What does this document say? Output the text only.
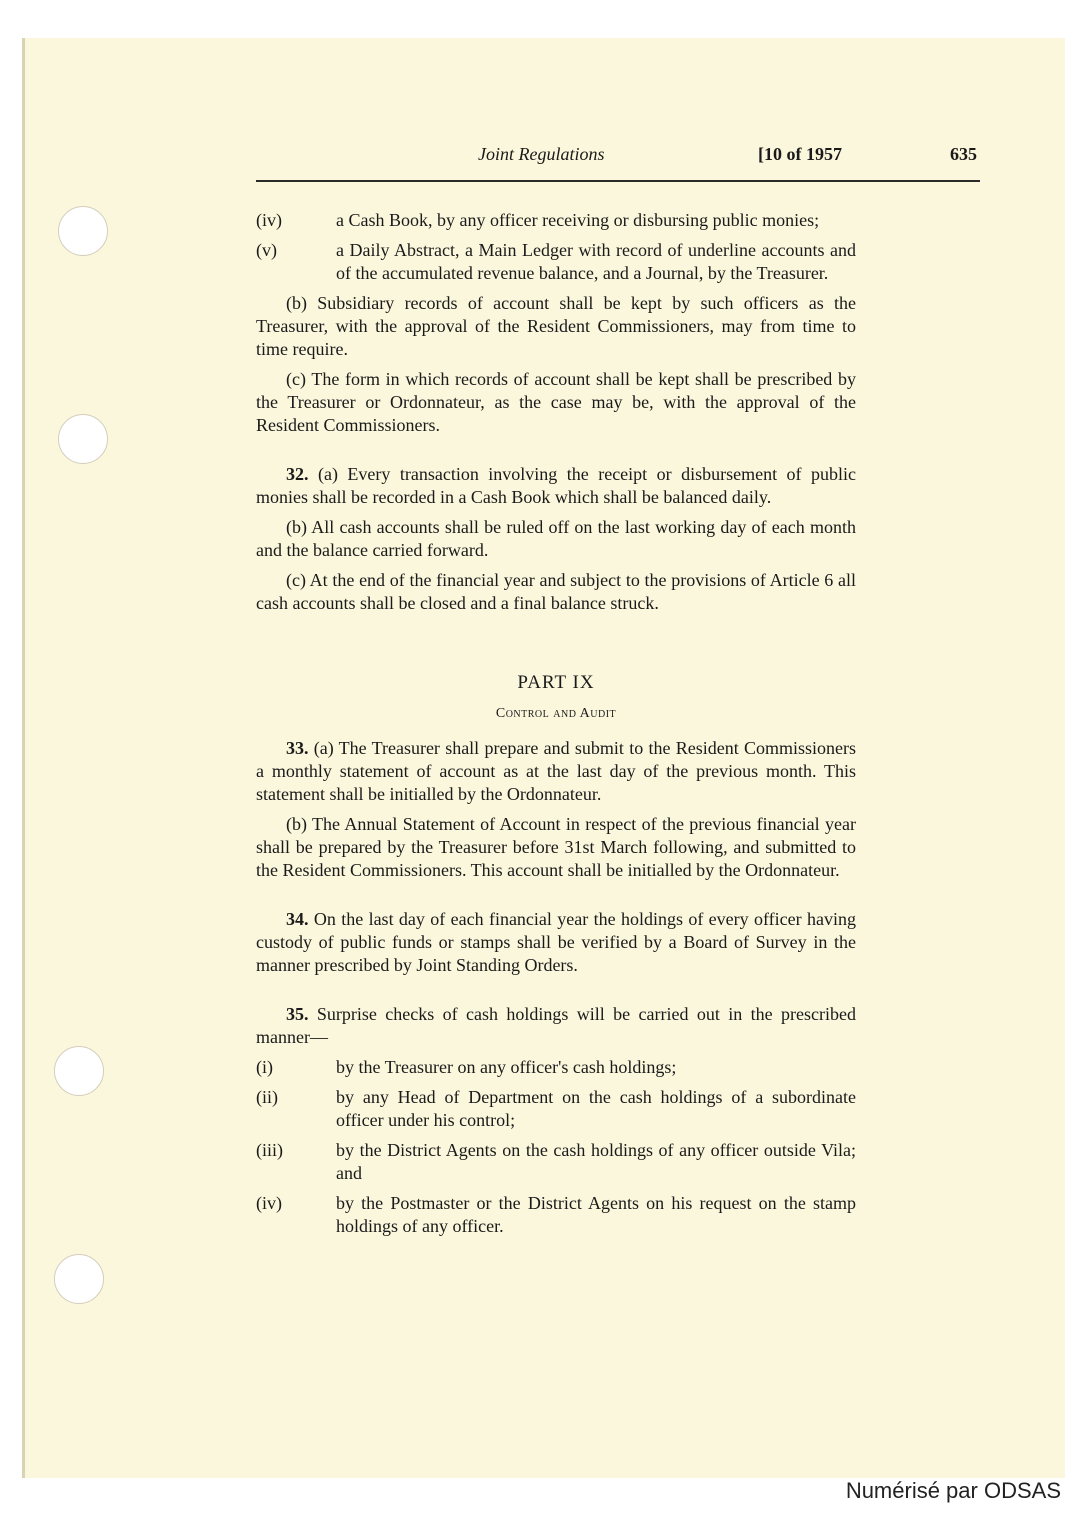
Joint Regulations	[10 of 1957	635

(iv)	a Cash Book, by any officer receiving or disbursing public monies;

(v)	a Daily Abstract, a Main Ledger with record of underline accounts and of the accumulated revenue balance, and a Journal, by the Treasurer.

(b) Subsidiary records of account shall be kept by such officers as the Treasurer, with the approval of the Resident Commissioners, may from time to time require.

(c) The form in which records of account shall be kept shall be prescribed by the Treasurer or Ordonnateur, as the case may be, with the approval of the Resident Commissioners.

32. (a) Every transaction involving the receipt or disbursement of public monies shall be recorded in a Cash Book which shall be balanced daily.

(b) All cash accounts shall be ruled off on the last working day of each month and the balance carried forward.

(c) At the end of the financial year and subject to the provisions of Article 6 all cash accounts shall be closed and a final balance struck.

PART IX

Control and Audit

33. (a) The Treasurer shall prepare and submit to the Resident Commissioners a monthly statement of account as at the last day of the previous month. This statement shall be initialled by the Ordonnateur.

(b) The Annual Statement of Account in respect of the previous financial year shall be prepared by the Treasurer before 31st March following, and submitted to the Resident Commissioners. This account shall be initialled by the Ordonnateur.

34. On the last day of each financial year the holdings of every officer having custody of public funds or stamps shall be verified by a Board of Survey in the manner prescribed by Joint Standing Orders.

35. Surprise checks of cash holdings will be carried out in the prescribed manner—

(i)	by the Treasurer on any officer's cash holdings;

(ii)	by any Head of Department on the cash holdings of a subordinate officer under his control;

(iii)	by the District Agents on the cash holdings of any officer outside Vila; and

(iv)	by the Postmaster or the District Agents on his request on the stamp holdings of any officer.

Numérisé par ODSAS
